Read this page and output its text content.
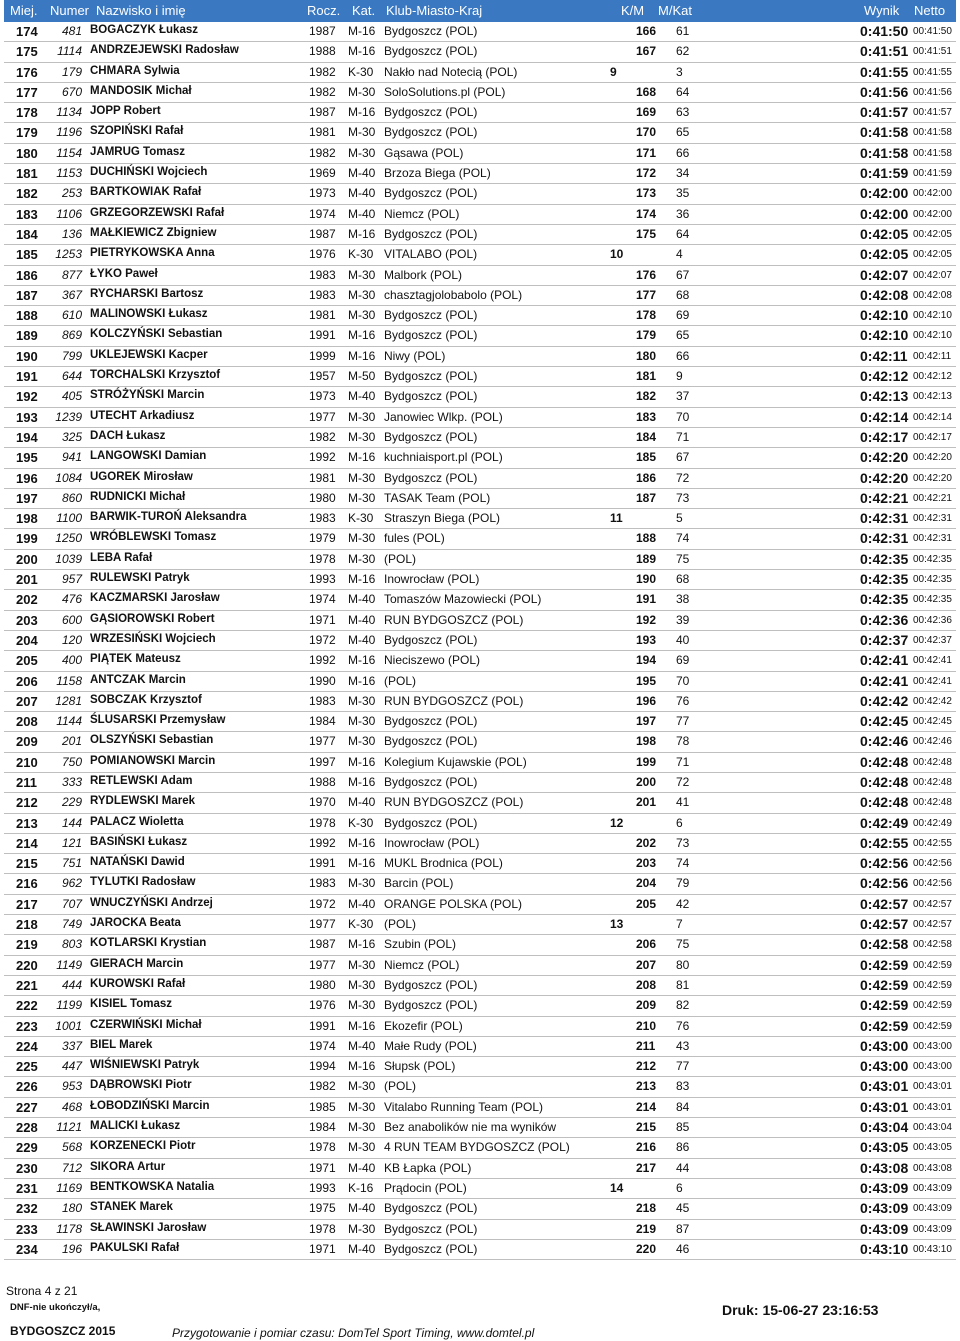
Miej. Numer Nazwisko i imię	Rocz. Kat. Klub-Miasto-Kraj	K/M M/Kat	Wynik Netto
174	481 BOGACZYK Łukasz	1987 M-16 Bydgoszcz (POL)	166 61	0:41:50 00:41:50
175	1114 ANDRZEJEWSKI Radosław	1988 M-16 Bydgoszcz (POL)	167 62	0:41:51 00:41:51
176	179 CHMARA Sylwia	1982 K-30 Nakło nad Notecią (POL)	9	3	0:41:55 00:41:55
177	670 MANDOSIK Michał	1982 M-30 SoloSolutions.pl (POL)	168 64	0:41:56 00:41:56
178	1134 JOPP Robert	1987 M-16 Bydgoszcz (POL)	169 63	0:41:57 00:41:57
179	1196 SZOPIŃSKI Rafał	1981 M-30 Bydgoszcz (POL)	170 65	0:41:58 00:41:58
180	1154 JAMRUG Tomasz	1982 M-30 Gąsawa (POL)	171 66	0:41:58 00:41:58
181	1153 DUCHIŃSKI Wojciech	1969 M-40 Brzoza Biega (POL)	172 34	0:41:59 00:41:59
182	253 BARTKOWIAK Rafał	1973 M-40 Bydgoszcz (POL)	173 35	0:42:00 00:42:00
183	1106 GRZEGORZEWSKI Rafał	1974 M-40 Niemcz (POL)	174 36	0:42:00 00:42:00
184	136 MAŁKIEWICZ Zbigniew	1987 M-16 Bydgoszcz (POL)	175 64	0:42:05 00:42:05
185 1253 PIETRYKOWSKA Anna	1976 K-30 VITALABO (POL)	10	4	0:42:05 00:42:05
186	877 ŁYKO Paweł	1983 M-30 Malbork (POL)	176 67	0:42:07 00:42:07
187	367 RYCHARSKI Bartosz	1983 M-30 chasztagjolobabolo (POL)	177 68	0:42:08 00:42:08
188	610 MALINOWSKI Łukasz	1981 M-30 Bydgoszcz (POL)	178 69	0:42:10 00:42:10
189	869 KOLCZYŃSKI Sebastian	1991 M-16 Bydgoszcz (POL)	179 65	0:42:10 00:42:10
190	799 UKLEJEWSKI Kacper	1999 M-16 Niwy (POL)	180 66	0:42:11 00:42:11
191	644 TORCHALSKI Krzysztof	1957 M-50 Bydgoszcz (POL)	181 9	0:42:12 00:42:12
192	405 STRÓŻYŃSKI Marcin	1973 M-40 Bydgoszcz (POL)	182 37	0:42:13 00:42:13
193 1239 UTECHT Arkadiusz	1977 M-30 Janowiec Wlkp. (POL)	183 70	0:42:14 00:42:14
194	325 DACH Łukasz	1982 M-30 Bydgoszcz (POL)	184 71	0:42:17 00:42:17
195	941 LANGOWSKI Damian	1992 M-16 kuchniaisport.pl (POL)	185 67	0:42:20 00:42:20
196 1084 UGOREK Mirosław	1981 M-30 Bydgoszcz (POL)	186 72	0:42:20 00:42:20
197	860 RUDNICKI Michał	1980 M-30 TASAK Team (POL)	187 73	0:42:21 00:42:21
198	1100 BARWIK-TUROŃ Aleksandra	1983 K-30 Straszyn Biega (POL)	11	5	0:42:31 00:42:31
199 1250 WRÓBLEWSKI Tomasz	1979 M-30 fules (POL)	188 74	0:42:31 00:42:31
200 1039 LEBA Rafał	1978 M-30 (POL)	189 75	0:42:35 00:42:35
201	957 RULEWSKI Patryk	1993 M-16 Inowrocław (POL)	190 68	0:42:35 00:42:35
202	476 KACZMARSKI Jarosław	1974 M-40 Tomaszów Mazowiecki (POL)	191 38	0:42:35 00:42:35
203	600 GĄSIOROWSKI Robert	1971 M-40 RUN BYDGOSZCZ (POL)	192 39	0:42:36 00:42:36
204	120 WRZESIŃSKI Wojciech	1972 M-40 Bydgoszcz (POL)	193 40	0:42:37 00:42:37
205	400 PIĄTEK Mateusz	1992 M-16 Nieciszewo (POL)	194 69	0:42:41 00:42:41
206	1158 ANTCZAK Marcin	1990 M-16 (POL)	195 70	0:42:41 00:42:41
207 1281 SOBCZAK Krzysztof	1983 M-30 RUN BYDGOSZCZ (POL)	196 76	0:42:42 00:42:42
208	1144 ŚLUSARSKI Przemysław	1984 M-30 Bydgoszcz (POL)	197 77	0:42:45 00:42:45
209	201 OLSZYŃSKI Sebastian	1977 M-30 Bydgoszcz (POL)	198 78	0:42:46 00:42:46
210	750 POMIANOWSKI Marcin	1997 M-16 Kolegium Kujawskie (POL)	199 71	0:42:48 00:42:48
211	333 RETLEWSKI Adam	1988 M-16 Bydgoszcz (POL)	200 72	0:42:48 00:42:48
212	229 RYDLEWSKI Marek	1970 M-40 RUN BYDGOSZCZ (POL)	201 41	0:42:48 00:42:48
213	144 PALACZ Wioletta	1978 K-30 Bydgoszcz (POL)	12	6	0:42:49 00:42:49
214	121 BASIŃSKI Łukasz	1992 M-16 Inowrocław (POL)	202 73	0:42:55 00:42:55
215	751 NATAŃSKI Dawid	1991 M-16 MUKL Brodnica (POL)	203 74	0:42:56 00:42:56
216	962 TYLUTKI Radosław	1983 M-30 Barcin (POL)	204 79	0:42:56 00:42:56
217	707 WNUCZYŃSKI Andrzej	1972 M-40 ORANGE POLSKA (POL)	205 42	0:42:57 00:42:57
218	749 JAROCKA Beata	1977 K-30 (POL)	13	7	0:42:57 00:42:57
219	803 KOTLARSKI Krystian	1987 M-16 Szubin (POL)	206 75	0:42:58 00:42:58
220	1149 GIERACH Marcin	1977 M-30 Niemcz (POL)	207 80	0:42:59 00:42:59
221	444 KUROWSKI Rafał	1980 M-30 Bydgoszcz (POL)	208 81	0:42:59 00:42:59
222	1199 KISIEL Tomasz	1976 M-30 Bydgoszcz (POL)	209 82	0:42:59 00:42:59
223 1001 CZERWIŃSKI Michał	1991 M-16 Ekozefir (POL)	210 76	0:42:59 00:42:59
224	337 BIEL Marek	1974 M-40 Małe Rudy (POL)	211 43	0:43:00 00:43:00
225	447 WIŚNIEWSKI Patryk	1994 M-16 Słupsk (POL)	212 77	0:43:00 00:43:00
226	953 DĄBROWSKI Piotr	1982 M-30 (POL)	213 83	0:43:01 00:43:01
227	468 ŁOBODZIŃSKI Marcin	1985 M-30 Vitalabo Running Team (POL)	214 84	0:43:01 00:43:01
228	1121 MALICKI Łukasz	1984 M-30 Bez anabolików nie ma wyników	215 85	0:43:04 00:43:04
229	568 KORZENECKI Piotr	1978 M-30 4 RUN TEAM BYDGOSZCZ (POL)	216 86	0:43:05 00:43:05
230	712 SIKORA Artur	1971 M-40 KB Łapka (POL)	217 44	0:43:08 00:43:08
231	1169 BENTKOWSKA Natalia	1993 K-16 Prądocin (POL)	14	6	0:43:09 00:43:09
232	180 STANEK Marek	1975 M-40 Bydgoszcz (POL)	218 45	0:43:09 00:43:09
233	1178 SŁAWINSKI Jarosław	1978 M-30 Bydgoszcz (POL)	219 87	0:43:09 00:43:09
234	196 PAKULSKI Rafał	1971 M-40 Bydgoszcz (POL)	220 46	0:43:10 00:43:10
Strona 4 z 21
DNF-nie ukończył/a,	Druk: 15-06-27 23:16:53
BYDGOSZCZ 2015	Przygotowanie i pomiar czasu: DomTel Sport Timing, www.domtel.pl
